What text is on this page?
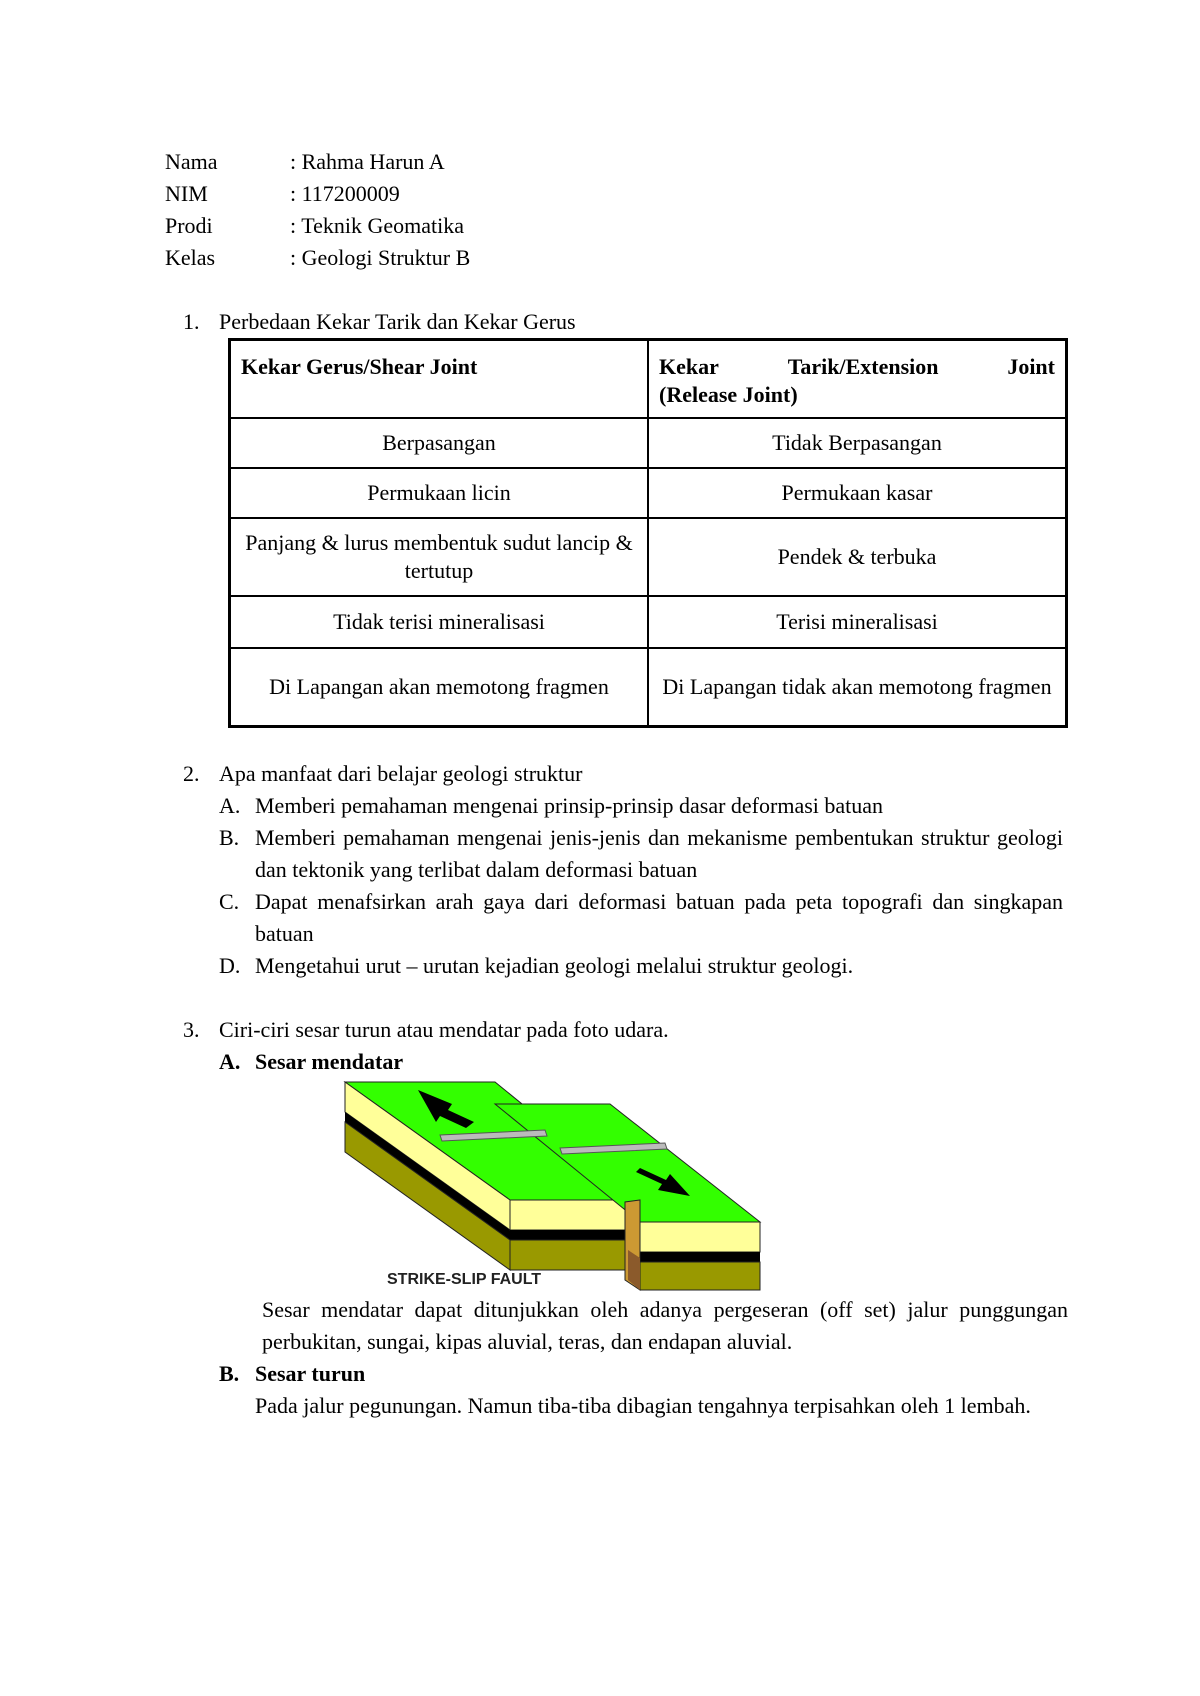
Nama	: Rahma Harun A
NIM	: 117200009
Prodi	: Teknik Geomatika
Kelas	: Geologi Struktur B
1. Perbedaan Kekar Tarik dan Kekar Gerus
Kekar Gerus/Shear Joint	Kekar Tarik/Extension Joint
(Release Joint)

Berpasangan	Tidak Berpasangan
Permukaan licin	Permukaan kasar
Panjang & lurus membentuk sudut lancip & tertutup	Pendek & terbuka
Tidak terisi mineralisasi	Terisi mineralisasi
Di Lapangan akan memotong fragmen	Di Lapangan tidak akan memotong fragmen
2. Apa manfaat dari belajar geologi struktur
A. Memberi pemahaman mengenai prinsip-prinsip dasar deformasi batuan
B. Memberi pemahaman mengenai jenis-jenis dan mekanisme pembentukan struktur geologi dan tektonik yang terlibat dalam deformasi batuan
C. Dapat menafsirkan arah gaya dari deformasi batuan pada peta topografi dan singkapan batuan
D. Mengetahui urut – urutan kejadian geologi melalui struktur geologi.
3. Ciri-ciri sesar turun atau mendatar pada foto udara.
A. Sesar mendatar
STRIKE-SLIP FAULT
Sesar mendatar dapat ditunjukkan oleh adanya pergeseran (off set) jalur punggungan perbukitan, sungai, kipas aluvial, teras, dan endapan aluvial.
B. Sesar turun
Pada jalur pegunungan. Namun tiba-tiba dibagian tengahnya terpisahkan oleh 1 lembah.
